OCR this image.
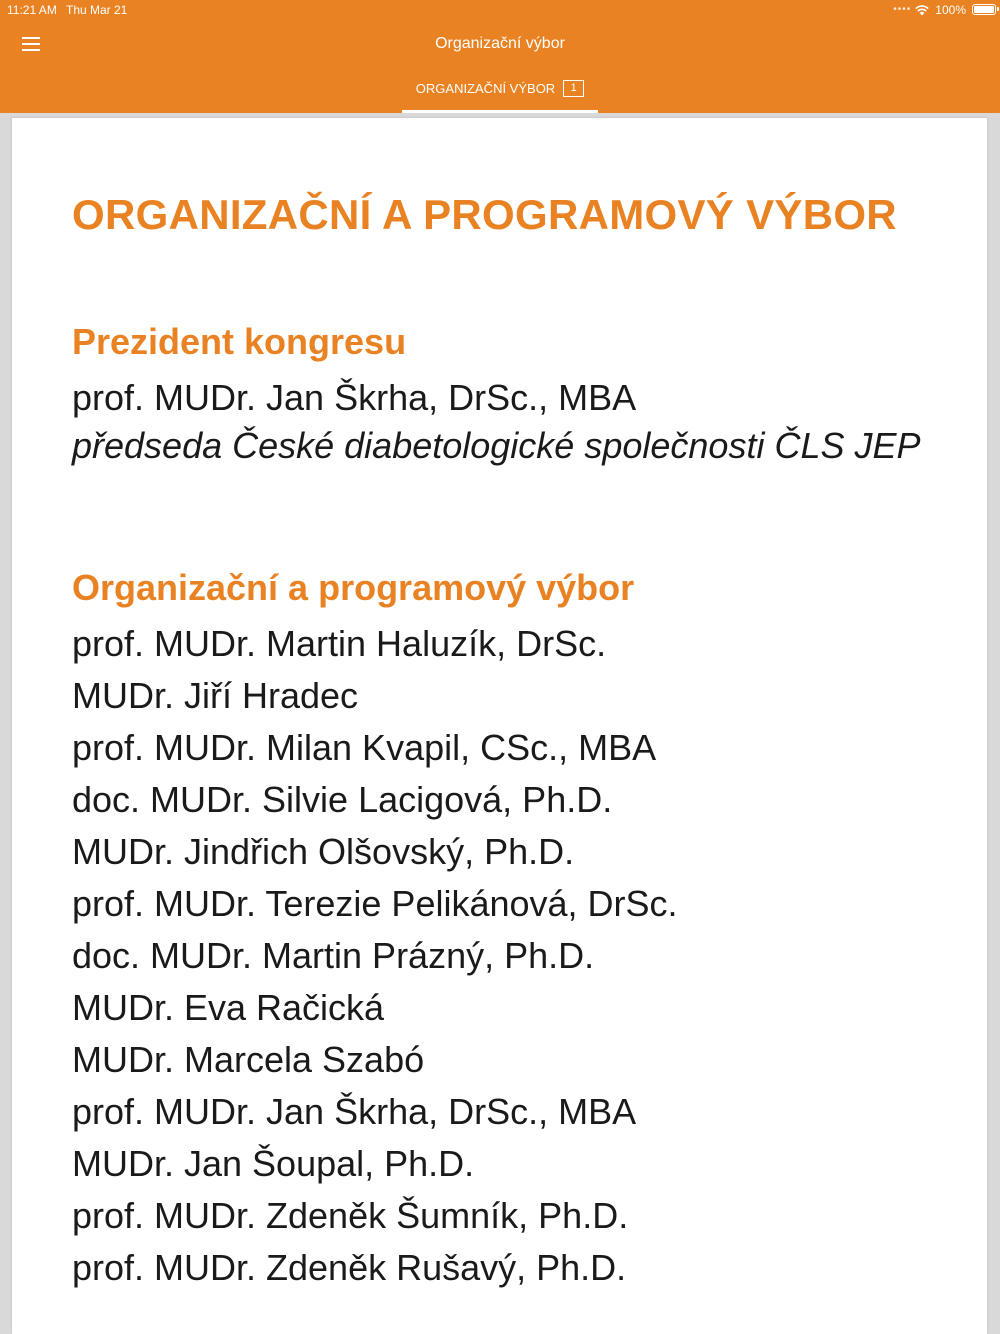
11:21 AM Thu Mar 21	•••• 100%
Organizační výbor
ORGANIZAČNÍ VÝBOR 1
ORGANIZAČNÍ A PROGRAMOVÝ VÝBOR
Prezident kongresu

prof. MUDr. Jan Škrha, DrSc., MBA

předseda České diabetologické společnosti ČLS JEP

Organizační a programový výbor
prof. MUDr. Martin Haluzík, DrSc.
MUDr. Jiří Hradec
prof. MUDr. Milan Kvapil, CSc., MBA
doc. MUDr. Silvie Lacigová, Ph.D.
MUDr. Jindřich Olšovský, Ph.D.
prof. MUDr. Terezie Pelikánová, DrSc.
doc. MUDr. Martin Prázný, Ph.D.
MUDr. Eva Račická
MUDr. Marcela Szabó
prof. MUDr. Jan Škrha, DrSc., MBA
MUDr. Jan Šoupal, Ph.D.
prof. MUDr. Zdeněk Šumník, Ph.D.
prof. MUDr. Zdeněk Rušavý, Ph.D.
